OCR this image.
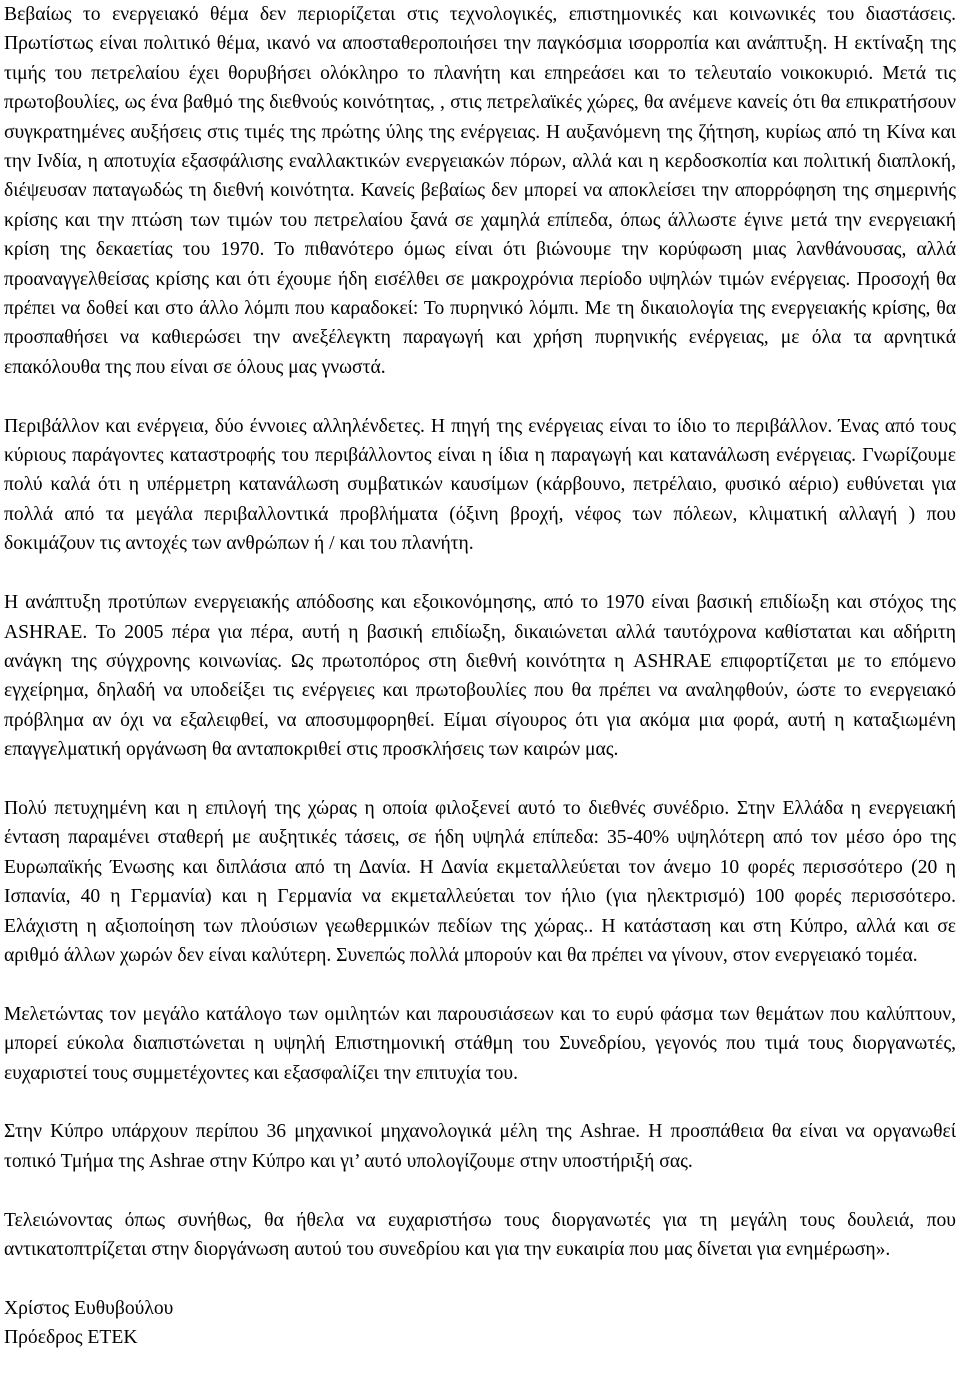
Βεβαίως το ενεργειακό θέμα δεν περιορίζεται στις τεχνολογικές, επιστημονικές και κοινωνικές του διαστάσεις. Πρωτίστως είναι πολιτικό θέμα, ικανό να αποσταθεροποιήσει την παγκόσμια ισορροπία και ανάπτυξη. Η εκτίναξη της τιμής του πετρελαίου έχει θορυβήσει ολόκληρο το πλανήτη και επηρεάσει και το τελευταίο νοικοκυριό. Μετά τις πρωτοβουλίες, ως ένα βαθμό της διεθνούς κοινότητας, , στις πετρελαϊκές χώρες, θα ανέμενε κανείς ότι θα επικρατήσουν συγκρατημένες αυξήσεις στις τιμές της πρώτης ύλης της ενέργειας. Η αυξανόμενη της ζήτηση, κυρίως από τη Κίνα και την Ινδία, η αποτυχία εξασφάλισης εναλλακτικών ενεργειακών πόρων, αλλά και η κερδοσκοπία και πολιτική διαπλοκή, διέψευσαν παταγωδώς τη διεθνή κοινότητα. Κανείς βεβαίως δεν μπορεί να αποκλείσει την απορρόφηση της σημερινής κρίσης και την πτώση των τιμών του πετρελαίου ξανά σε χαμηλά επίπεδα, όπως άλλωστε έγινε μετά την ενεργειακή κρίση της δεκαετίας του 1970. Το πιθανότερο όμως είναι ότι βιώνουμε την κορύφωση μιας λανθάνουσας, αλλά προαναγγελθείσας κρίσης και ότι έχουμε ήδη εισέλθει σε μακροχρόνια περίοδο υψηλών τιμών ενέργειας. Προσοχή θα πρέπει να δοθεί και στο άλλο λόμπι που καραδοκεί: Το πυρηνικό λόμπι. Με τη δικαιολογία της ενεργειακής κρίσης, θα προσπαθήσει να καθιερώσει την ανεξέλεγκτη παραγωγή και χρήση πυρηνικής ενέργειας, με όλα τα αρνητικά επακόλουθα της που είναι σε όλους μας γνωστά.

Περιβάλλον και ενέργεια, δύο έννοιες αλληλένδετες. Η πηγή της ενέργειας είναι το ίδιο το περιβάλλον. Ένας από τους κύριους παράγοντες καταστροφής του περιβάλλοντος είναι η ίδια η παραγωγή και κατανάλωση ενέργειας. Γνωρίζουμε πολύ καλά ότι η υπέρμετρη κατανάλωση συμβατικών καυσίμων (κάρβουνο, πετρέλαιο, φυσικό αέριο) ευθύνεται για πολλά από τα μεγάλα περιβαλλοντικά προβλήματα (όξινη βροχή, νέφος των πόλεων, κλιματική αλλαγή ) που δοκιμάζουν τις αντοχές των ανθρώπων ή / και του πλανήτη.

Η ανάπτυξη προτύπων ενεργειακής απόδοσης και εξοικονόμησης, από το 1970 είναι βασική επιδίωξη και στόχος της ASHRAE. Το 2005 πέρα για πέρα, αυτή η βασική επιδίωξη, δικαιώνεται αλλά ταυτόχρονα καθίσταται και αδήριτη ανάγκη της σύγχρονης κοινωνίας. Ως πρωτοπόρος στη διεθνή κοινότητα η ASHRAE επιφορτίζεται με το επόμενο εγχείρημα, δηλαδή να υποδείξει τις ενέργειες και πρωτοβουλίες που θα πρέπει να αναληφθούν, ώστε το ενεργειακό πρόβλημα αν όχι να εξαλειφθεί, να αποσυμφορηθεί. Είμαι σίγουρος ότι για ακόμα μια φορά, αυτή η καταξιωμένη επαγγελματική οργάνωση θα ανταποκριθεί στις προσκλήσεις των καιρών μας.

Πολύ πετυχημένη και η επιλογή της χώρας η οποία φιλοξενεί αυτό το διεθνές συνέδριο. Στην Ελλάδα η ενεργειακή ένταση παραμένει σταθερή με αυξητικές τάσεις, σε ήδη υψηλά επίπεδα: 35-40% υψηλότερη από τον μέσο όρο της Ευρωπαϊκής Ένωσης και διπλάσια από τη Δανία. Η Δανία εκμεταλλεύεται τον άνεμο 10 φορές περισσότερο (20 η Ισπανία, 40 η Γερμανία) και η Γερμανία να εκμεταλλεύεται τον ήλιο (για ηλεκτρισμό) 100 φορές περισσότερο. Ελάχιστη η αξιοποίηση των πλούσιων γεωθερμικών πεδίων της χώρας.. Η κατάσταση και στη Κύπρο, αλλά και σε αριθμό άλλων χωρών δεν είναι καλύτερη. Συνεπώς πολλά μπορούν και θα πρέπει να γίνουν, στον ενεργειακό τομέα.

Μελετώντας τον μεγάλο κατάλογο των ομιλητών και παρουσιάσεων και το ευρύ φάσμα των θεμάτων που καλύπτουν, μπορεί εύκολα διαπιστώνεται η υψηλή Επιστημονική στάθμη του Συνεδρίου, γεγονός που τιμά τους διοργανωτές, ευχαριστεί τους συμμετέχοντες και εξασφαλίζει την επιτυχία του.

Στην Κύπρο υπάρχουν περίπου 36 μηχανικοί μηχανολογικά μέλη της Ashrae. Η προσπάθεια θα είναι να οργανωθεί τοπικό Τμήμα της Ashrae στην Κύπρο και γι’ αυτό υπολογίζουμε στην υποστήριξή σας.

Τελειώνοντας όπως συνήθως, θα ήθελα να ευχαριστήσω τους διοργανωτές για τη μεγάλη τους δουλειά, που αντικατοπτρίζεται στην διοργάνωση αυτού του συνεδρίου και για την ευκαιρία που μας δίνεται για ενημέρωση».

Χρίστος Ευθυβούλου

Πρόεδρος ΕΤΕΚ
